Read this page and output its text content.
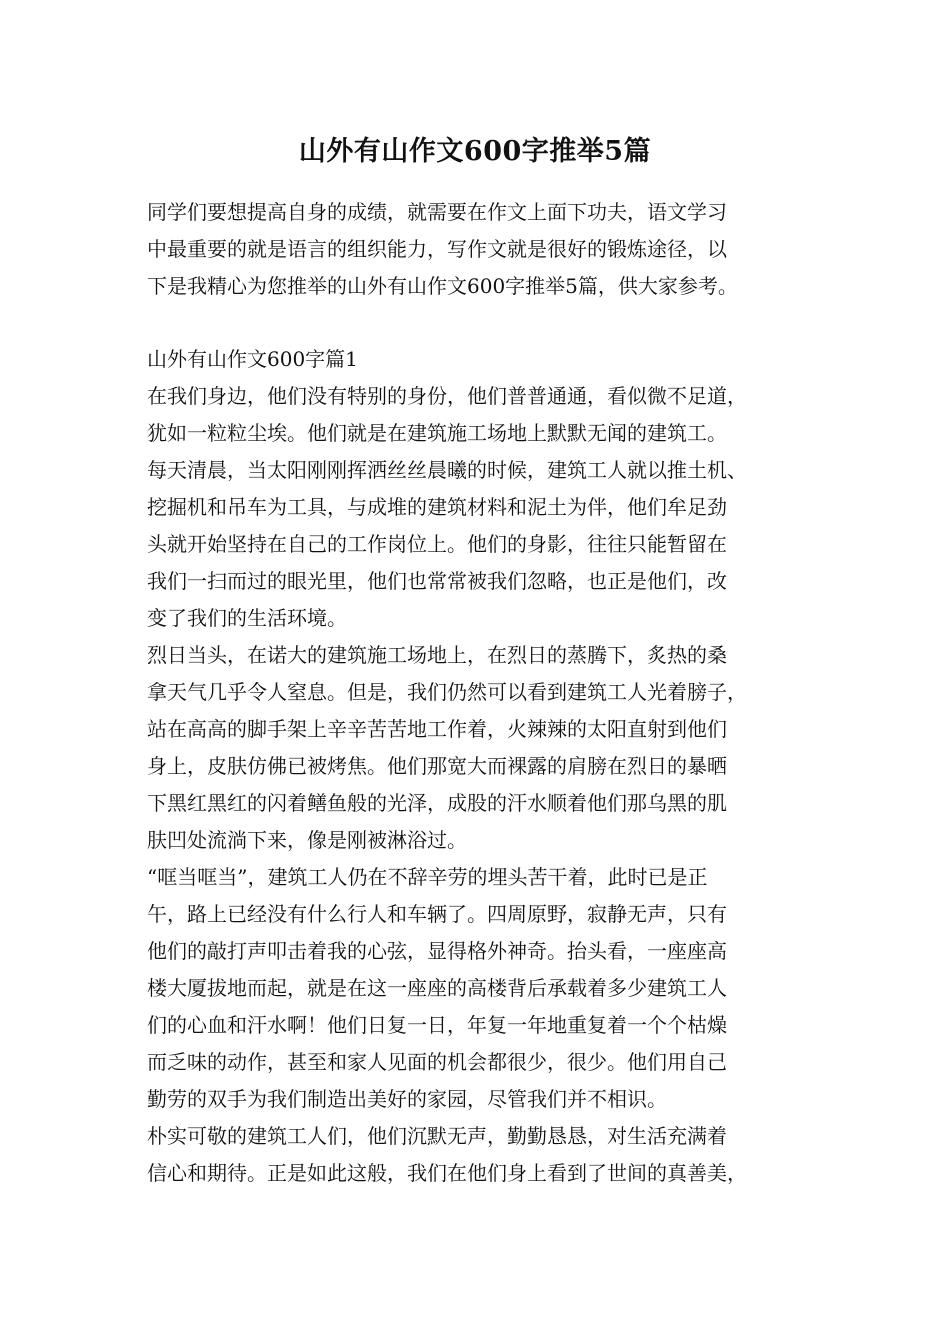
山外有山作文600字推举5篇

同学们要想提高自身的成绩，就需要在作文上面下功夫，语文学习

中最重要的就是语言的组织能力，写作文就是很好的锻炼途径，以

下是我精心为您推举的山外有山作文600字推举5篇，供大家参考。

山外有山作文600字篇1

在我们身边，他们没有特别的身份，他们普普通通，看似微不足道，

犹如一粒粒尘埃。他们就是在建筑施工场地上默默无闻的建筑工。

每天清晨，当太阳刚刚挥洒丝丝晨曦的时候，建筑工人就以推土机、

挖掘机和吊车为工具，与成堆的建筑材料和泥土为伴，他们牟足劲

头就开始坚持在自己的工作岗位上。他们的身影，往往只能暂留在

我们一扫而过的眼光里，他们也常常被我们忽略，也正是他们，改

变了我们的生活环境。

烈日当头，在诺大的建筑施工场地上，在烈日的蒸腾下，炙热的桑

拿天气几乎令人窒息。但是，我们仍然可以看到建筑工人光着膀子，

站在高高的脚手架上辛辛苦苦地工作着，火辣辣的太阳直射到他们

身上，皮肤仿佛已被烤焦。他们那宽大而裸露的肩膀在烈日的暴晒

下黑红黑红的闪着鳝鱼般的光泽，成股的汗水顺着他们那乌黑的肌

肤凹处流淌下来，像是刚被淋浴过。

“哐当哐当”，建筑工人仍在不辞辛劳的埋头苦干着，此时已是正

午，路上已经没有什么行人和车辆了。四周原野，寂静无声，只有

他们的敲打声叩击着我的心弦，显得格外神奇。抬头看，一座座高

楼大厦拔地而起，就是在这一座座的高楼背后承载着多少建筑工人

们的心血和汗水啊！他们日复一日，年复一年地重复着一个个枯燥

而乏味的动作，甚至和家人见面的机会都很少，很少。他们用自己

勤劳的双手为我们制造出美好的家园，尽管我们并不相识。

朴实可敬的建筑工人们，他们沉默无声，勤勤恳恳，对生活充满着

信心和期待。正是如此这般，我们在他们身上看到了世间的真善美，
